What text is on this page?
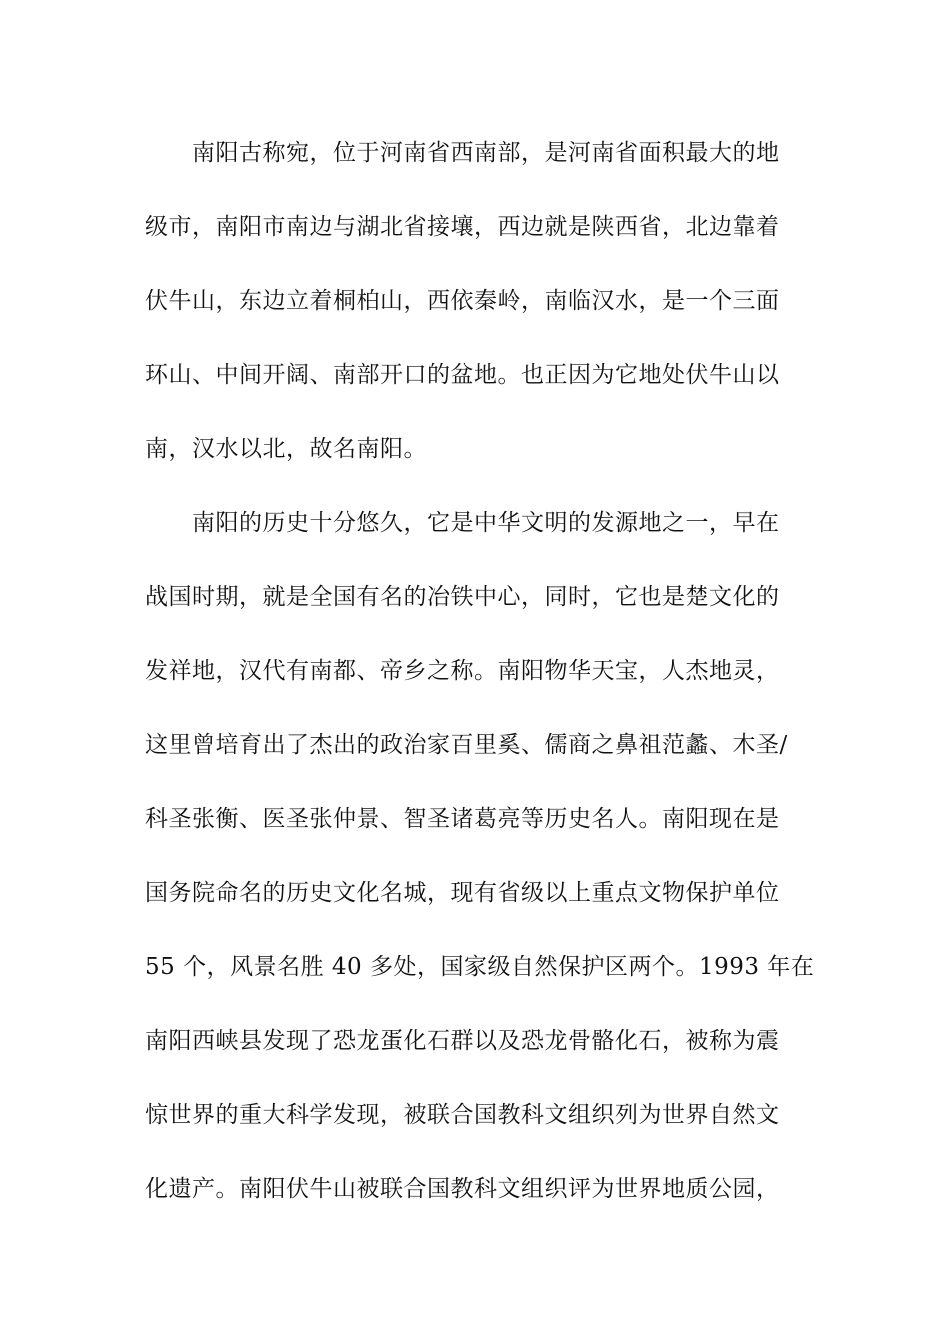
南阳古称宛，位于河南省西南部，是河南省面积最大的地
级市，南阳市南边与湖北省接壤，西边就是陕西省，北边靠着
伏牛山，东边立着桐柏山，西依秦岭，南临汉水，是一个三面
环山、中间开阔、南部开口的盆地。也正因为它地处伏牛山以
南，汉水以北，故名南阳。
南阳的历史十分悠久，它是中华文明的发源地之一，早在
战国时期，就是全国有名的冶铁中心，同时，它也是楚文化的
发祥地，汉代有南都、帝乡之称。南阳物华天宝，人杰地灵，
这里曾培育出了杰出的政治家百里奚、儒商之鼻祖范蠡、木圣/
科圣张衡、医圣张仲景、智圣诸葛亮等历史名人。南阳现在是
国务院命名的历史文化名城，现有省级以上重点文物保护单位
55 个，风景名胜 40 多处，国家级自然保护区两个。1993 年在
南阳西峡县发现了恐龙蛋化石群以及恐龙骨骼化石，被称为震
惊世界的重大科学发现，被联合国教科文组织列为世界自然文
化遗产。南阳伏牛山被联合国教科文组织评为世界地质公园，
